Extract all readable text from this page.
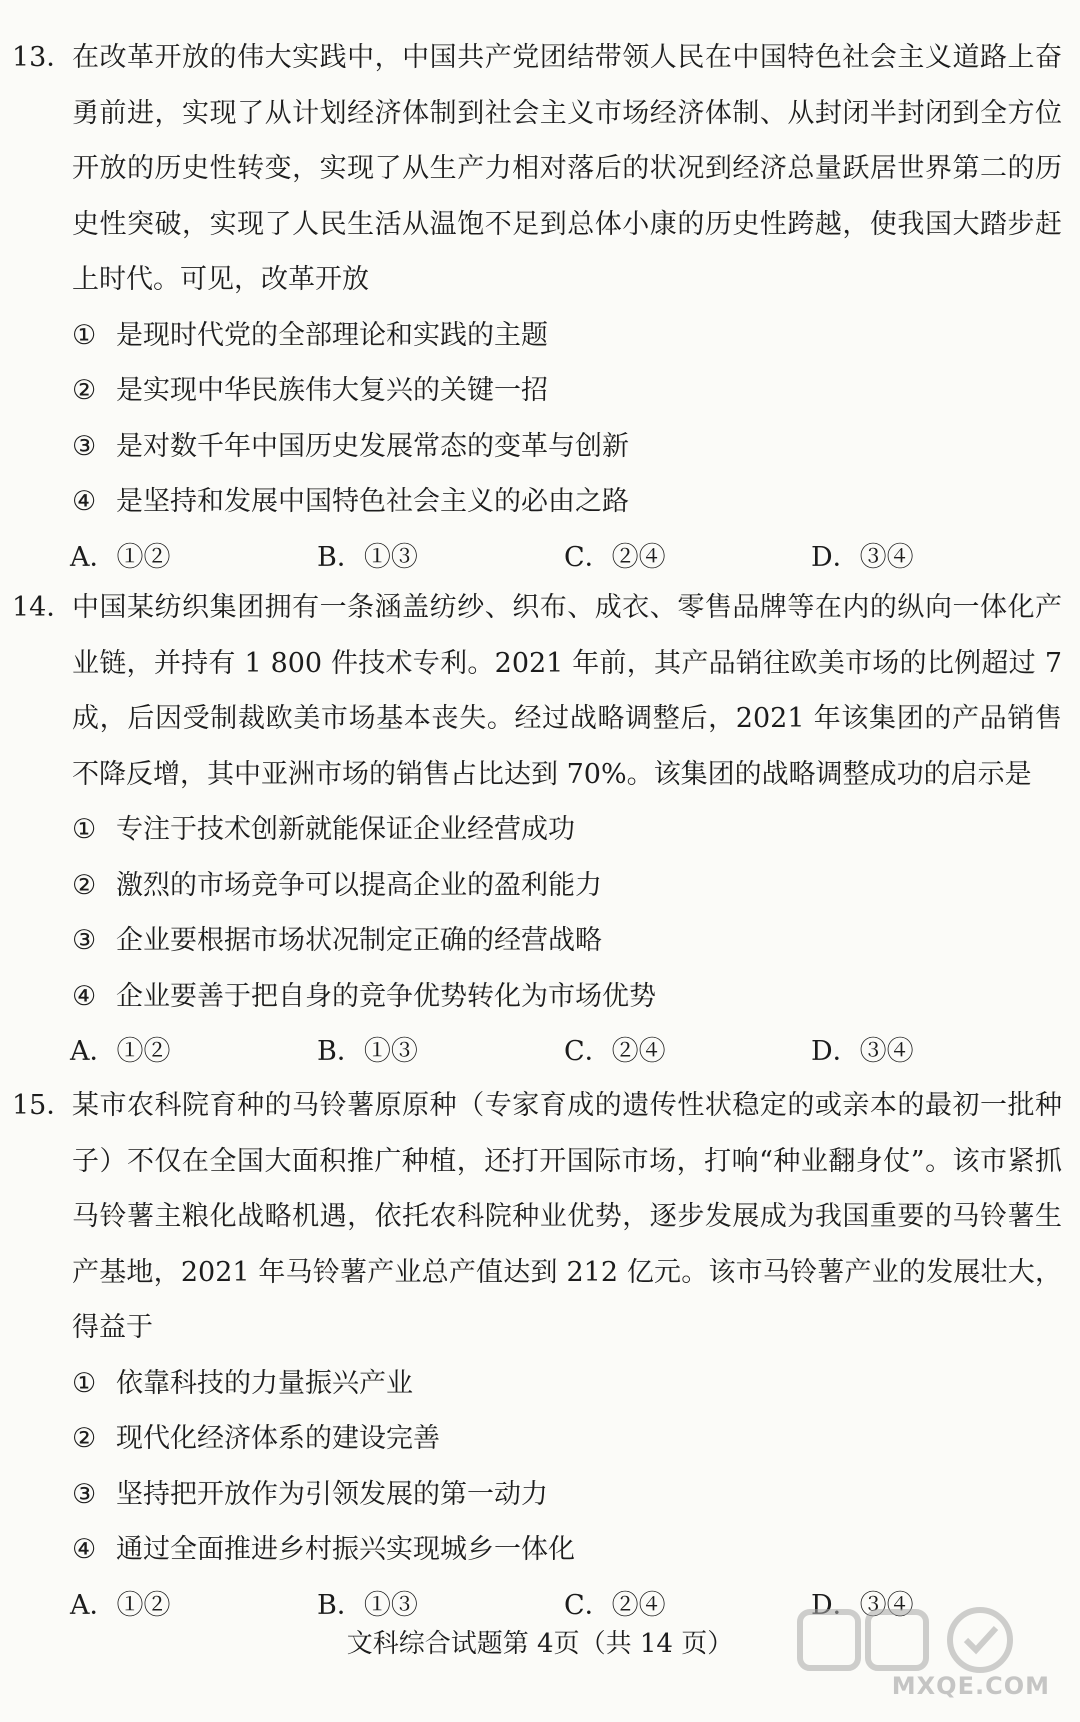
13．
在改革开放的伟大实践中，中国共产党团结带领人民在中国特色社会主义道路上奋勇前进，实现了从计划经济体制到社会主义市场经济体制、从封闭半封闭到全方位开放的历史性转变，实现了从生产力相对落后的状况到经济总量跃居世界第二的历史性突破，实现了人民生活从温饱不足到总体小康的历史性跨越，使我国大踏步赶上时代。可见，改革开放
① 是现时代党的全部理论和实践的主题
② 是实现中华民族伟大复兴的关键一招
③ 是对数千年中国历史发展常态的变革与创新
④ 是坚持和发展中国特色社会主义的必由之路
A．①②	B．①③	C．②④	D．③④
14．
中国某纺织集团拥有一条涵盖纺纱、织布、成衣、零售品牌等在内的纵向一体化产业链，并持有 1 800 件技术专利。2021 年前，其产品销往欧美市场的比例超过 7 成，后因受制裁欧美市场基本丧失。经过战略调整后，2021 年该集团的产品销售不降反增，其中亚洲市场的销售占比达到 70%。该集团的战略调整成功的启示是
① 专注于技术创新就能保证企业经营成功
② 激烈的市场竞争可以提高企业的盈利能力
③ 企业要根据市场状况制定正确的经营战略
④ 企业要善于把自身的竞争优势转化为市场优势
A．①②	B．①③	C．②④	D．③④
15．
某市农科院育种的马铃薯原原种（专家育成的遗传性状稳定的或亲本的最初一批种子）不仅在全国大面积推广种植，还打开国际市场，打响“种业翻身仗”。该市紧抓马铃薯主粮化战略机遇，依托农科院种业优势，逐步发展成为我国重要的马铃薯生产基地，2021 年马铃薯产业总产值达到 212 亿元。该市马铃薯产业的发展壮大，得益于
① 依靠科技的力量振兴产业
② 现代化经济体系的建设完善
③ 坚持把开放作为引领发展的第一动力
④ 通过全面推进乡村振兴实现城乡一体化
A．①②	B．①③	C．②④	D．③④
文科综合试题第 4页（共 14 页）
MXQE.COM
